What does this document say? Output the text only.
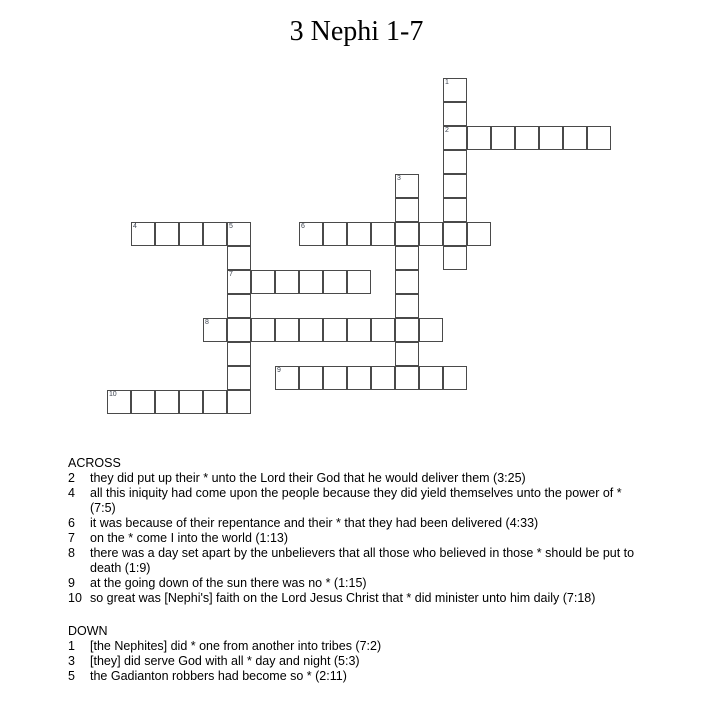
3 Nephi 1-7
2
4	5	6
7
8
9
10
1
3
ACROSS
2	they did put up their * unto the Lord their God that he would deliver them (3:25)
4	all this iniquity had come upon the people because they did yield themselves unto the power of * (7:5)
6	it was because of their repentance and their * that they had been delivered (4:33)
7	on the * come I into the world (1:13)
8	there was a day set apart by the unbelievers that all those who believed in those * should be put to death (1:9)
9	at the going down of the sun there was no * (1:15)
10 so great was [Nephi's] faith on the Lord Jesus Christ that * did minister unto him daily (7:18)
DOWN
1	[the Nephites] did * one from another into tribes (7:2)
3	[they] did serve God with all * day and night (5:3)
5	the Gadianton robbers had become so * (2:11)
